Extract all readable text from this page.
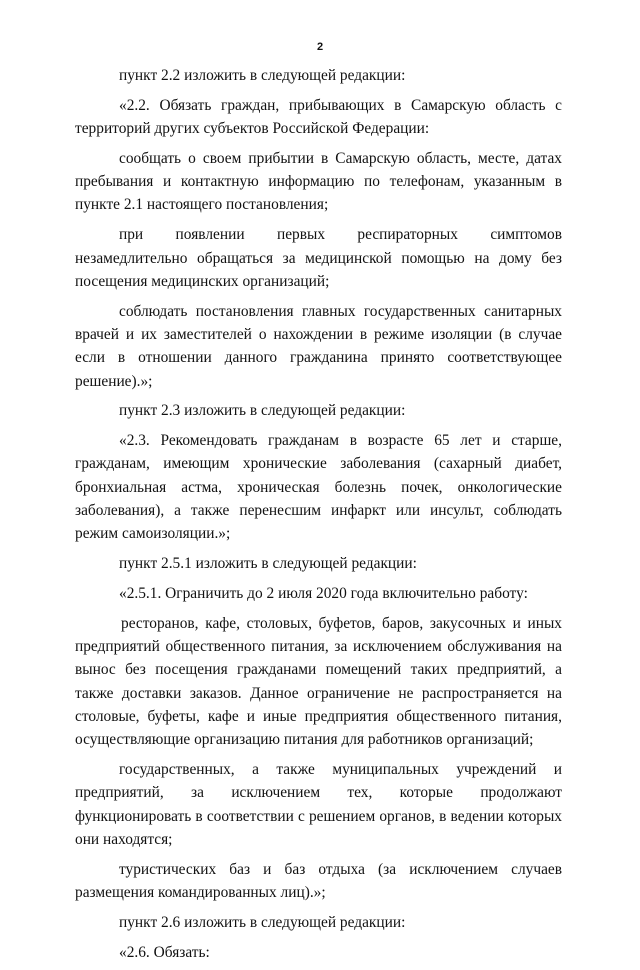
2

пункт 2.2 изложить в следующей редакции:

«2.2. Обязать граждан, прибывающих в Самарскую область с территорий других субъектов Российской Федерации:

сообщать о своем прибытии в Самарскую область, месте, датах пребывания и контактную информацию по телефонам, указанным в пункте 2.1 настоящего постановления;

при появлении первых респираторных симптомов незамедлительно обращаться за медицинской помощью на дому без посещения медицинских организаций;

соблюдать постановления главных государственных санитарных врачей и их заместителей о нахождении в режиме изоляции (в случае если в отношении данного гражданина принято соответствующее решение).»;

пункт 2.3 изложить в следующей редакции:

«2.3. Рекомендовать гражданам в возрасте 65 лет и старше, гражданам, имеющим хронические заболевания (сахарный диабет, бронхиальная астма, хроническая болезнь почек, онкологические заболевания), а также перенесшим инфаркт или инсульт, соблюдать режим самоизоляции.»;

пункт 2.5.1 изложить в следующей редакции:

«2.5.1. Ограничить до 2 июля 2020 года включительно работу:

ресторанов, кафе, столовых, буфетов, баров, закусочных и иных предприятий общественного питания, за исключением обслуживания на вынос без посещения гражданами помещений таких предприятий, а также доставки заказов. Данное ограничение не распространяется на столовые, буфеты, кафе и иные предприятия общественного питания, осуществляющие организацию питания для работников организаций;

государственных, а также муниципальных учреждений и предприятий, за исключением тех, которые продолжают функционировать в соответствии с решением органов, в ведении которых они находятся;

туристических баз и баз отдыха (за исключением случаев размещения командированных лиц).»;

пункт 2.6 изложить в следующей редакции:

«2.6. Обязать:
